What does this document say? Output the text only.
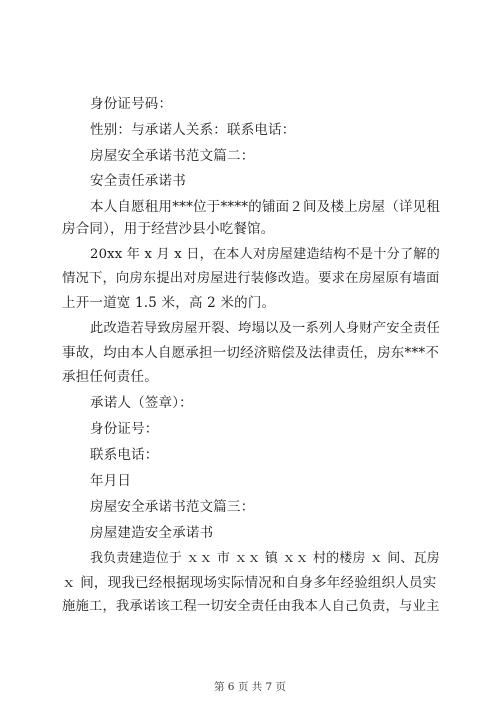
身份证号码：
性别：与承诺人关系：联系电话：
房屋安全承诺书范文篇二：
安全责任承诺书
本人自愿租用***位于****的铺面２间及楼上房屋（详见租
房合同），用于经营沙县小吃餐馆。
20xx 年 x 月 x 日，在本人对房屋建造结构不是十分了解的
情况下，向房东提出对房屋进行装修改造。要求在房屋原有墙面
上开一道宽 1.5 米，高 2 米的门。
此改造若导致房屋开裂、垮塌以及一系列人身财产安全责任
事故，均由本人自愿承担一切经济赔偿及法律责任，房东***不
承担任何责任。
承诺人（签章）：
身份证号：
联系电话：
年月日
房屋安全承诺书范文篇三：
房屋建造安全承诺书
我负责建造位于 ｘｘ 市 ｘｘ 镇 ｘｘ 村的楼房 ｘ 间、瓦房
ｘ 间，现我已经根据现场实际情况和自身多年经验组织人员实
施施工，我承诺该工程一切安全责任由我本人自己负责，与业主
第 6 页 共 7 页
